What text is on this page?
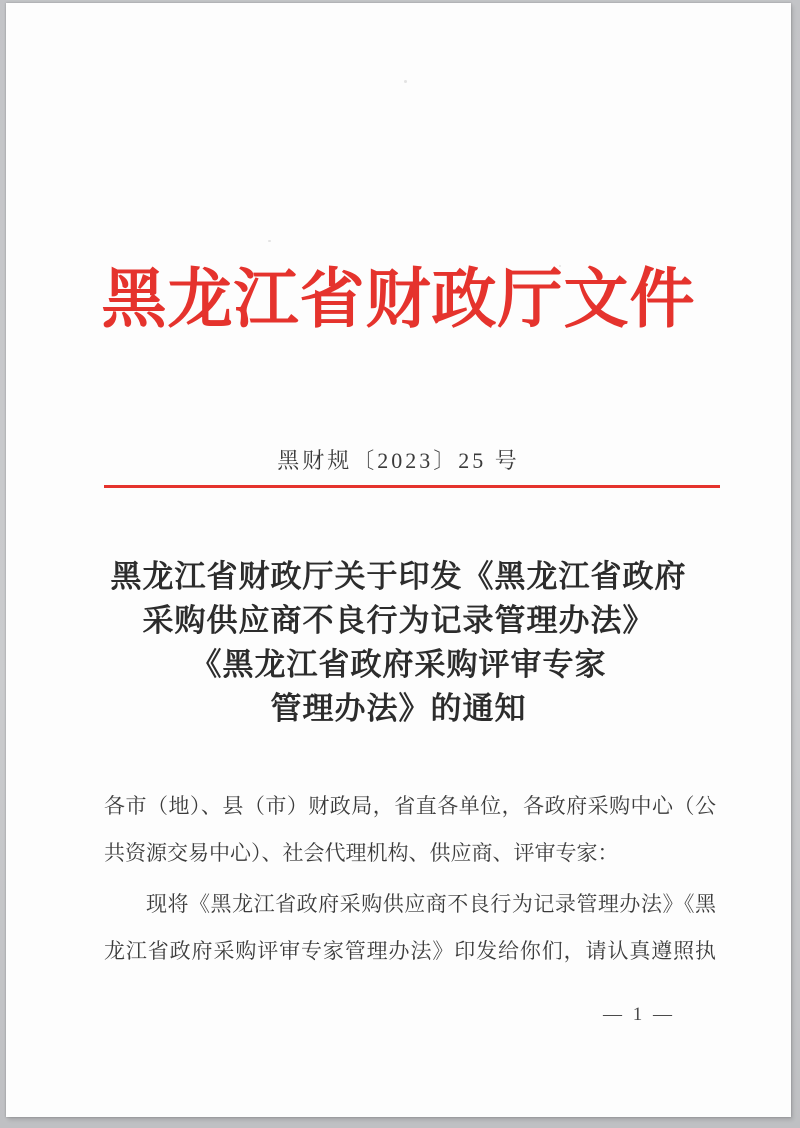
黑龙江省财政厅文件
黑财规〔2023〕25 号
黑龙江省财政厅关于印发《黑龙江省政府
采购供应商不良行为记录管理办法》
《黑龙江省政府采购评审专家
管理办法》的通知
各市（地）、县（市）财政局，省直各单位，各政府采购中心（公
共资源交易中心）、社会代理机构、供应商、评审专家：
现将《黑龙江省政府采购供应商不良行为记录管理办法》《黑
龙江省政府采购评审专家管理办法》印发给你们，请认真遵照执
— 1 —
